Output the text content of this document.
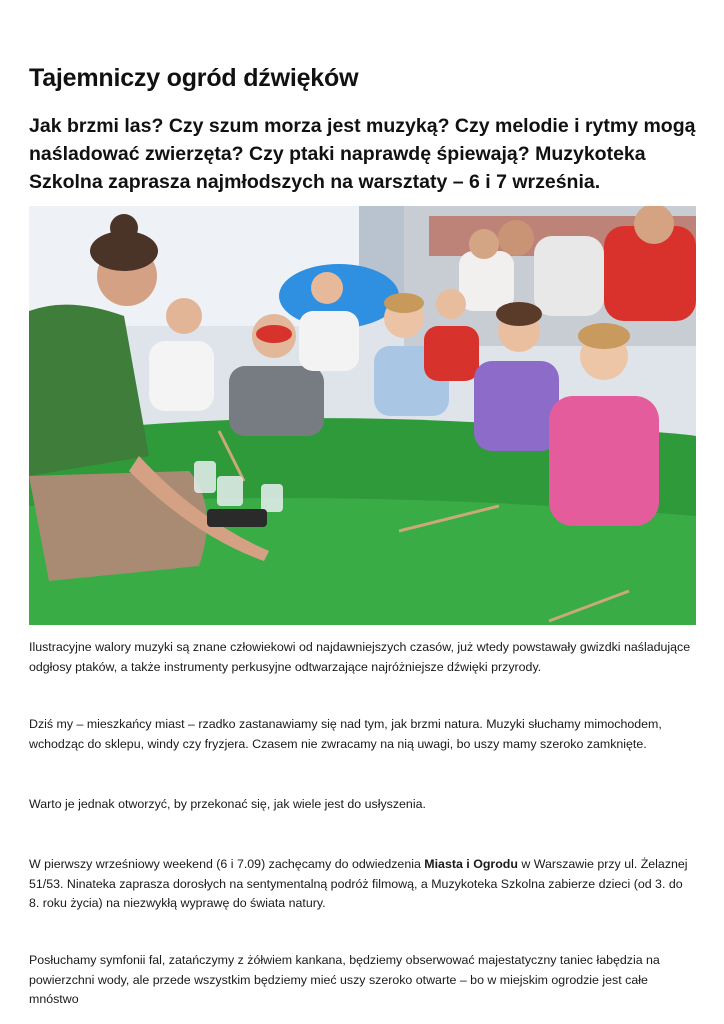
Tajemniczy ogród dźwięków

Jak brzmi las? Czy szum morza jest muzyką? Czy melodie i rytmy mogą naśladować zwierzęta? Czy ptaki naprawdę śpiewają? Muzykoteka Szkolna zaprasza najmłodszych na warsztaty – 6 i 7 września.

Ilustracyjne walory muzyki są znane człowiekowi od najdawniejszych czasów, już wtedy powstawały gwizdki naśladujące odgłosy ptaków, a także instrumenty perkusyjne odtwarzające najróżniejsze dźwięki przyrody.

Dziś my – mieszkańcy miast – rzadko zastanawiamy się nad tym, jak brzmi natura. Muzyki słuchamy mimochodem, wchodząc do sklepu, windy czy fryzjera. Czasem nie zwracamy na nią uwagi, bo uszy mamy szeroko zamknięte.

Warto je jednak otworzyć, by przekonać się, jak wiele jest do usłyszenia.

W pierwszy wrześniowy weekend (6 i 7.09) zachęcamy do odwiedzenia Miasta i Ogrodu w Warszawie przy ul. Żelaznej 51/53. Ninateka zaprasza dorosłych na sentymentalną podróż filmową, a Muzykoteka Szkolna zabierze dzieci (od 3. do 8. roku życia) na niezwykłą wyprawę do świata natury.

Posłuchamy symfonii fal, zatańczymy z żółwiem kankana, będziemy obserwować majestatyczny taniec łabędzia na powierzchni wody, ale przede wszystkim będziemy mieć uszy szeroko otwarte – bo w miejskim ogrodzie jest całe mnóstwo
